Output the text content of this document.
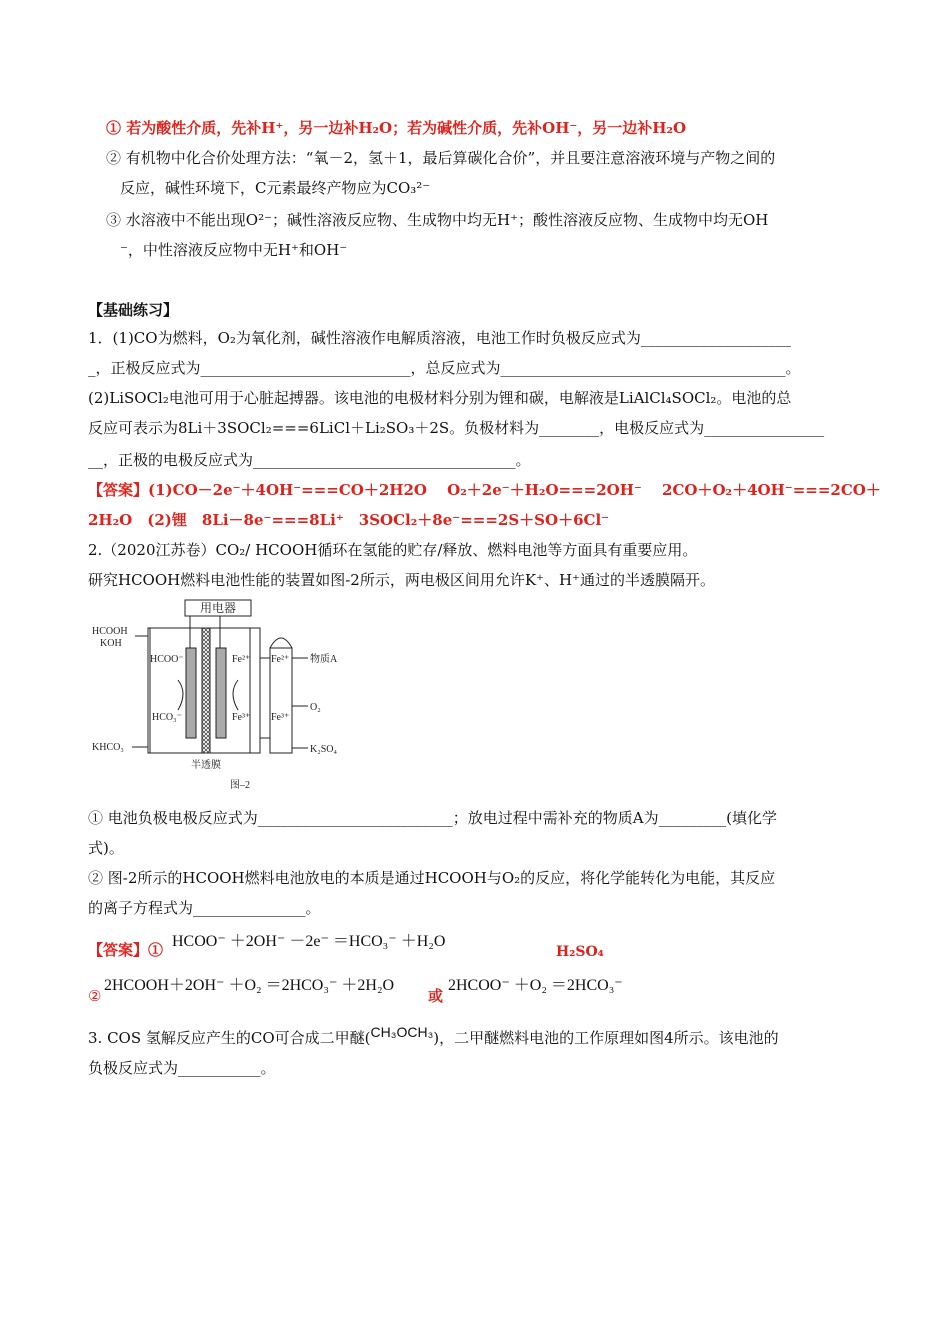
① 若为酸性介质，先补H⁺，另一边补H₂O；若为碱性介质，先补OH⁻，另一边补H₂O
② 有机物中化合价处理方法：“氧－2，氢＋1，最后算碳化合价”，并且要注意溶液环境与产物之间的
反应，碱性环境下，C元素最终产物应为CO₃²⁻
③ 水溶液中不能出现O²⁻；碱性溶液反应物、生成物中均无H⁺；酸性溶液反应物、生成物中均无OH
⁻，中性溶液反应物中无H⁺和OH⁻
【基础练习】
1．(1)CO为燃料，O₂为氧化剂，碱性溶液作电解质溶液，电池工作时负极反应式为____________________
_，正极反应式为____________________________，总反应式为______________________________________。
(2)LiSOCl₂电池可用于心脏起搏器。该电池的电极材料分别为锂和碳，电解液是LiAlCl₄SOCl₂。电池的总
反应可表示为8Li＋3SOCl₂===6LiCl＋Li₂SO₃＋2S。负极材料为________，电极反应式为________________
__，正极的电极反应式为___________________________________。
【答案】(1)CO－2e⁻＋4OH⁻===CO＋2H2O　 O₂＋2e⁻＋H₂O===2OH⁻　 2CO＋O₂＋4OH⁻===2CO＋
2H₂O　(2)锂　8Li－8e⁻===8Li⁺　3SOCl₂＋8e⁻===2S＋SO＋6Cl⁻
2.（2020江苏卷）CO₂/ HCOOH循环在氢能的贮存/释放、燃料电池等方面具有重要应用。
研究HCOOH燃料电池性能的装置如图-2所示，两电极区间用允许K⁺、H⁺通过的半透膜隔开。
用电器
HCOOH
KOH
KHCO₃
HCOO⁻
HCO₃⁻
Fe²⁺
Fe³⁺
Fe²⁺
Fe³⁺
物质A
O₂
K₂SO₄
半透膜
图–2
① 电池负极电极反应式为__________________________；放电过程中需补充的物质A为_________(填化学
式)。
② 图-2所示的HCOOH燃料电池放电的本质是通过HCOOH与O₂的反应，将化学能转化为电能，其反应
的离子方程式为_______________。
【答案】① HCOO⁻ ＋2OH⁻ －2e⁻ ＝HCO₃⁻ ＋H₂O
H₂SO₄
②
2HCOOH＋2OH⁻ ＋O₂ ＝2HCO₃⁻ ＋2H₂O
或
2HCOO⁻ ＋O₂ ＝2HCO₃⁻
3. COS 氢解反应产生的CO可合成二甲醚(CH₃OCH₃)，二甲醚燃料电池的工作原理如图4所示。该电池的
负极反应式为___________。
